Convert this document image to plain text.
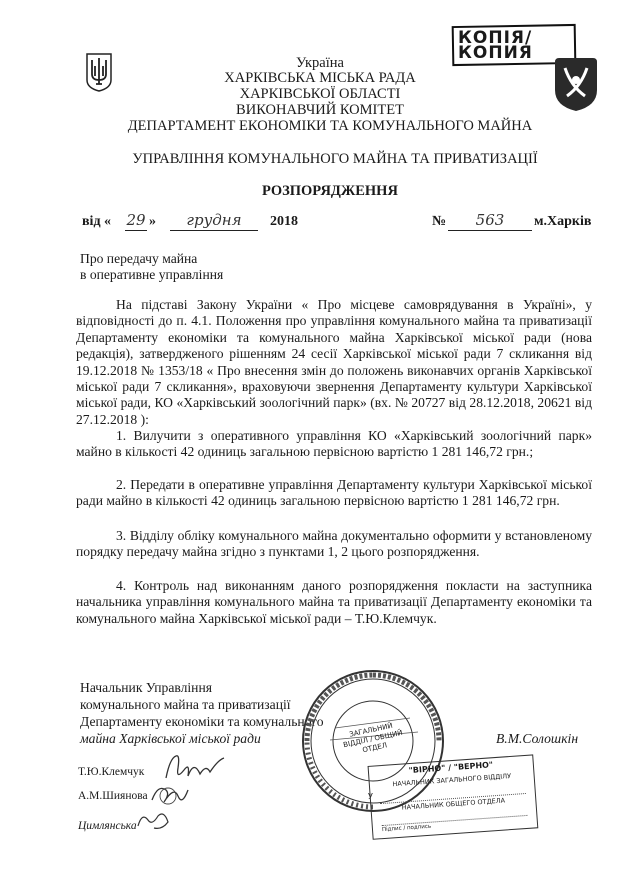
КОПІЯ/КОПИЯ
Україна
ХАРКІВСЬКА МІСЬКА РАДА
ХАРКІВСЬКОЇ ОБЛАСТІ
ВИКОНАВЧИЙ КОМІТЕТ
ДЕПАРТАМЕНТ ЕКОНОМІКИ ТА КОМУНАЛЬНОГО МАЙНА
УПРАВЛІННЯ КОМУНАЛЬНОГО МАЙНА ТА ПРИВАТИЗАЦІЇ
РОЗПОРЯДЖЕННЯ
від « 29 »	грудня	2018	№	563	м.Харків
Про передачу майна
в оперативне управління
На підставі Закону України « Про місцеве самоврядування в Україні», у відповідності до п. 4.1. Положення про управління комунального майна та приватизації Департаменту економіки та комунального майна Харківської міської ради (нова редакція), затвердженого рішенням 24 сесії Харківської міської ради 7 скликання від 19.12.2018 № 1353/18 « Про внесення змін до положень виконавчих органів Харківської міської ради 7 скликання», враховуючи звернення Департаменту культури Харківської міської ради, КО «Харківський зоологічний парк» (вх. № 20727 від 28.12.2018, 20621 від 27.12.2018 ):
1. Вилучити з оперативного управління КО «Харківський зоологічний парк» майно в кількості 42 одиниць загальною первісною вартістю 1 281 146,72 грн.;
2. Передати в оперативне управління Департаменту культури Харківської міської ради майно в кількості 42 одиниць загальною первісною вартістю 1 281 146,72 грн.
3. Відділу обліку комунального майна документально оформити у встановленому порядку передачу майна згідно з пунктами 1, 2 цього розпорядження.
4. Контроль над виконанням даного розпорядження покласти на заступника начальника управління комунального майна та приватизації Департаменту економіки та комунального майна Харківської міської ради – Т.Ю.Клемчук.
Начальник Управління
комунального майна та приватизації
Департаменту економіки та комунального
майна Харківської міської ради	В.М.Солошкін
Т.Ю.Клемчук
А.М.Шиянова
Цимлянська
ЗАГАЛЬНИЙ ВІДДІЛ / ОБЩИЙ ОТДЕЛ
У
"ВІРНО" / "ВЕРНО"
НАЧАЛЬНИК ЗАГАЛЬНОГО ВІДДІЛУ
НАЧАЛЬНИК ОБЩЕГО ОТДЕЛА
Підпис / подпись
